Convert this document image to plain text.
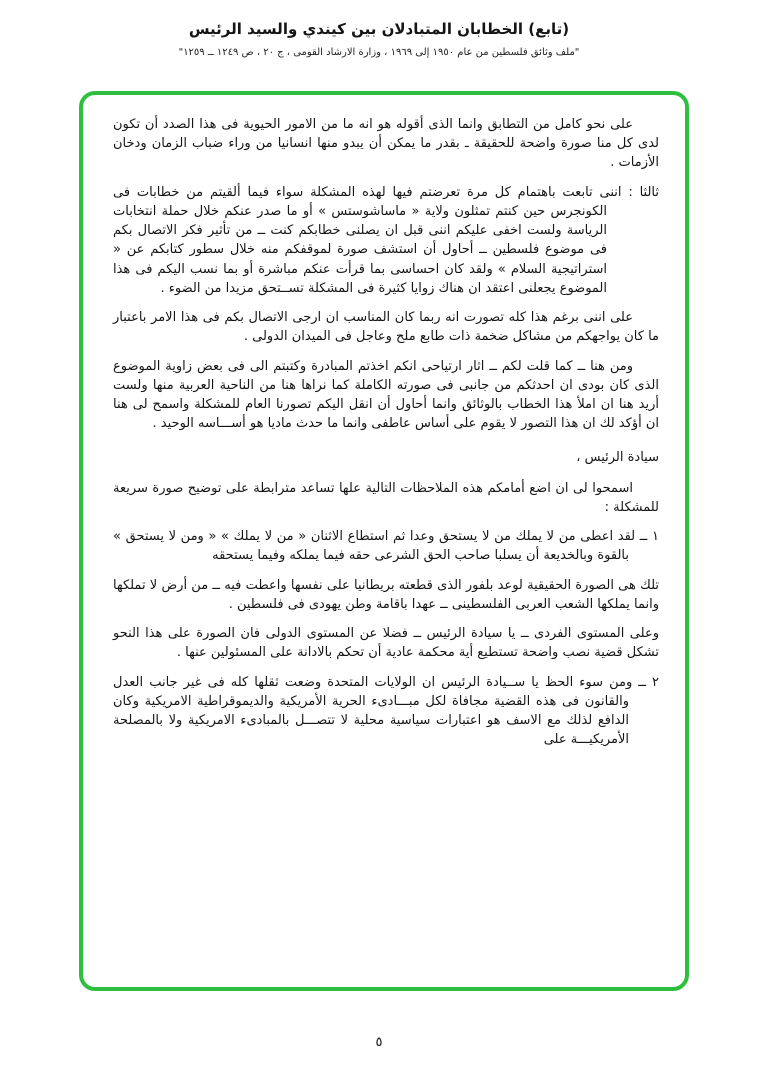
(تابع) الخطابان المتبادلان بين كيندي والسيد الرئيس
"ملف وثائق فلسطين من عام ١٩٥٠ إلى ١٩٦٩ ، وزارة الارشاد القومى ، ج ٢٠ ، ص ١٢٤٩ ــ ١٢٥٩"

على نحو كامل من التطابق وانما الذى أقوله هو انه ما من الامور الحيوية فى هذا الصدد أن تكون لدى كل منا صورة واضحة للحقيقة ـ بقدر ما يمكن أن يبدو منها انسانيا من وراء ضباب الزمان ودخان الأزمات .

ثالثا : اننى تابعت باهتمام كل مرة تعرضتم فيها لهذه المشكلة سواء فيما ألقيتم من خطابات فى الكونجرس حين كنتم تمثلون ولاية « ماساشوستس » أو ما صدر عنكم خلال حملة انتخابات الرياسة ولست اخفى عليكم اننى قبل ان يصلنى خطابكم كنت ــ من تأثير فكر الاتصال بكم فى موضوع فلسطين ــ أحاول أن استشف صورة لموقفكم منه خلال سطور كتابكم عن « استراتيجية السلام » ولقد كان احساسى بما قرأت عنكم مباشرة أو بما نسب اليكم فى هذا الموضوع يجعلنى اعتقد ان هناك زوايا كثيرة فى المشكلة تســتحق مزيدا من الضوء .

على اننى برغم هذا كله تصورت انه ربما كان المناسب ان ارجى الاتصال بكم فى هذا الامر باعتبار ما كان يواجهكم من مشاكل ضخمة ذات طابع ملح وعاجل فى الميدان الدولى .

ومن هنا ــ كما قلت لكم ــ اثار ارتياحى انكم اخذتم المبادرة وكتبتم الى فى بعض زاوية الموضوع الذى كان بودى ان احدثكم من جانبى فى صورته الكاملة كما نراها هنا من الناحية العربية منها ولست أريد هنا ان املأ هذا الخطاب بالوثائق وانما أحاول أن انقل اليكم تصورنا العام للمشكلة واسمح لى هنا ان أؤكد لك ان هذا التصور لا يقوم على أساس عاطفى وانما ما حدث ماديا هو أســـاسه الوحيد .

سيادة الرئيس ،

اسمحوا لى ان اضع أمامكم هذه الملاحظات التالية علها تساعد مترابطة على توضيح صورة سريعة للمشكلة :

١ ــ لقد اعطى من لا يملك من لا يستحق وعدا ثم استطاع الاثنان « من لا يملك » « ومن لا يستحق » بالقوة وبالخديعة أن يسلبا صاحب الحق الشرعى حقه فيما يملكه وفيما يستحقه

تلك هى الصورة الحقيقية لوعد بلفور الذى قطعته بريطانيا على نفسها واعطت فيه ــ من أرض لا تملكها وانما يملكها الشعب العربى الفلسطينى ــ عهدا باقامة وطن يهودى فى فلسطين .

وعلى المستوى الفردى ــ يا سيادة الرئيس ــ فضلا عن المستوى الدولى فان الصورة على هذا النحو تشكل قضية نصب واضحة تستطيع أية محكمة عادية أن تحكم بالادانة على المسئولين عنها .

٢ ــ ومن سوء الحظ يا ســيادة الرئيس ان الولايات المتحدة وضعت ثقلها كله فى غير جانب العدل والقانون فى هذه القضية مجافاة لكل مبـــادىء الحرية الأمريكية والديموقراطية الامريكية وكان الدافع لذلك مع الاسف هو اعتبارات سياسية محلية لا تتصـــل بالمبادىء الامريكية ولا بالمصلحة الأمريكيـــة على

٥
